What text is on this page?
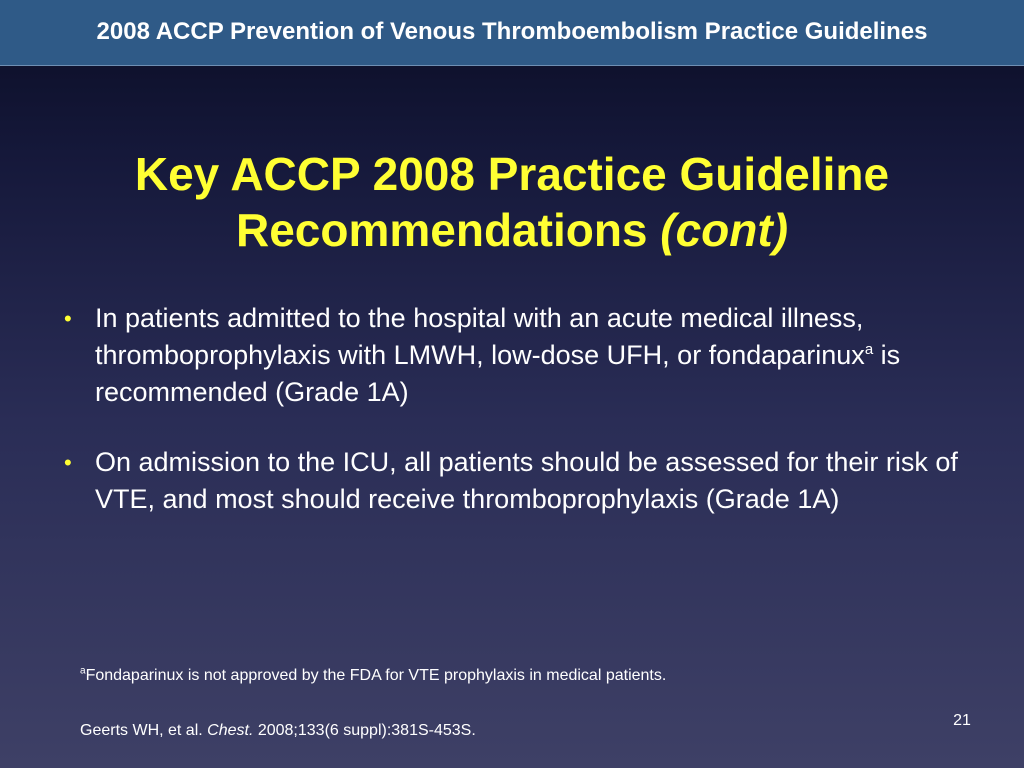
2008 ACCP Prevention of Venous Thromboembolism Practice Guidelines
Key ACCP 2008 Practice Guideline
Recommendations (cont)
• In patients admitted to the hospital with an acute medical illness, thromboprophylaxis with LMWH, low-dose UFH, or fondaparinux$^a$ is recommended (Grade 1A)
• On admission to the ICU, all patients should be assessed for their risk of VTE, and most should receive thromboprophylaxis (Grade 1A)
$^a$Fondaparinux is not approved by the FDA for VTE prophylaxis in medical patients.
Geerts WH, et al. Chest. 2008;133(6 suppl):381S-453S.
21
